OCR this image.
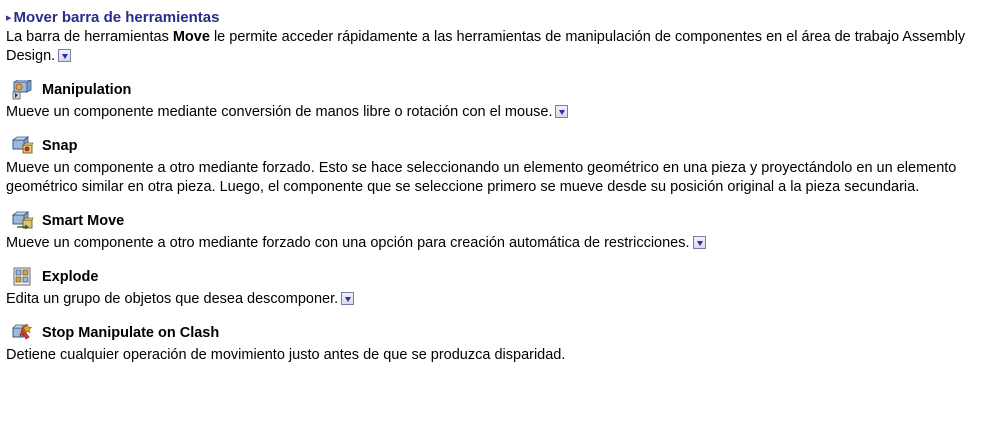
▸ Mover barra de herramientas

La barra de herramientas Move le permite acceder rápidamente a las herramientas de manipulación de componentes en el área de trabajo Assembly Design.

Manipulation

Mueve un componente mediante conversión de manos libre o rotación con el mouse.

Snap

Mueve un componente a otro mediante forzado. Esto se hace seleccionando un elemento geométrico en una pieza y proyectándolo en un elemento geométrico similar en otra pieza. Luego, el componente que se seleccione primero se mueve desde su posición original a la pieza secundaria.

Smart Move

Mueve un componente a otro mediante forzado con una opción para creación automática de restricciones.

Explode

Edita un grupo de objetos que desea descomponer.

Stop Manipulate on Clash

Detiene cualquier operación de movimiento justo antes de que se produzca disparidad.
